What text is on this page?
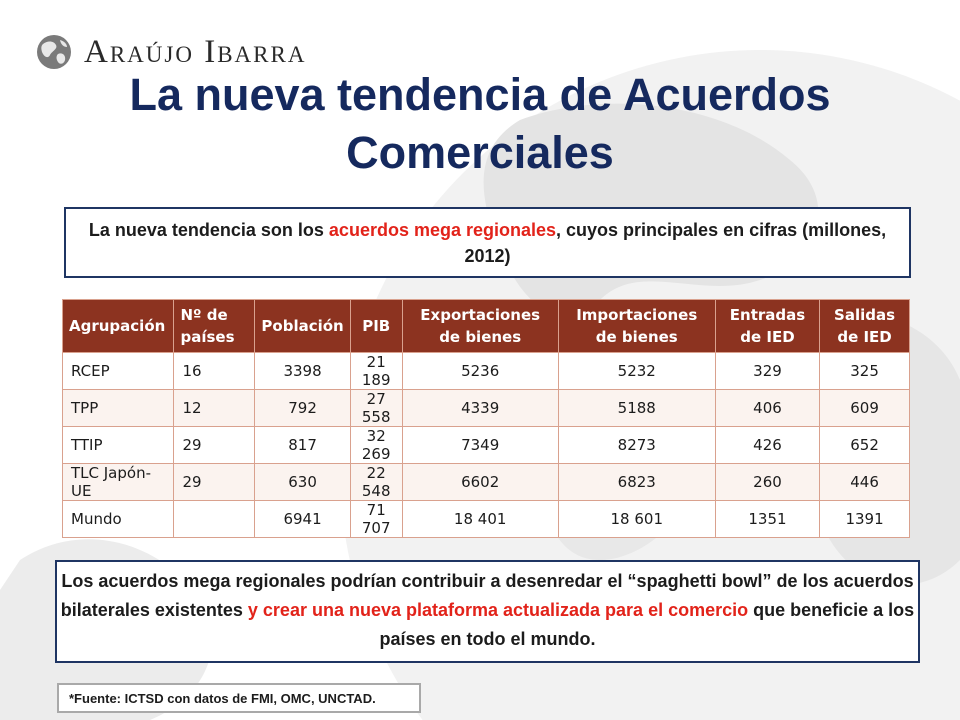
Araújo Ibarra
La nueva tendencia de Acuerdos Comerciales
La nueva tendencia son los acuerdos mega regionales, cuyos principales en cifras (millones, 2012)
Agrupación	Nº de países	Población	PIB	Exportaciones de bienes	Importaciones de bienes	Entradas de IED	Salidas de IED
RCEP	16	3398	21 189	5236	5232	329	325
TPP	12	792	27 558	4339	5188	406	609
TTIP	29	817	32 269	7349	8273	426	652
TLC Japón-UE	29	630	22 548	6602	6823	260	446
Mundo		6941	71 707	18 401	18 601	1351	1391
Los acuerdos mega regionales podrían contribuir a desenredar el “spaghetti bowl” de los acuerdos bilaterales existentes y crear una nueva plataforma actualizada para el comercio que beneficie a los países en todo el mundo.
*Fuente: ICTSD con datos de FMI, OMC, UNCTAD.
